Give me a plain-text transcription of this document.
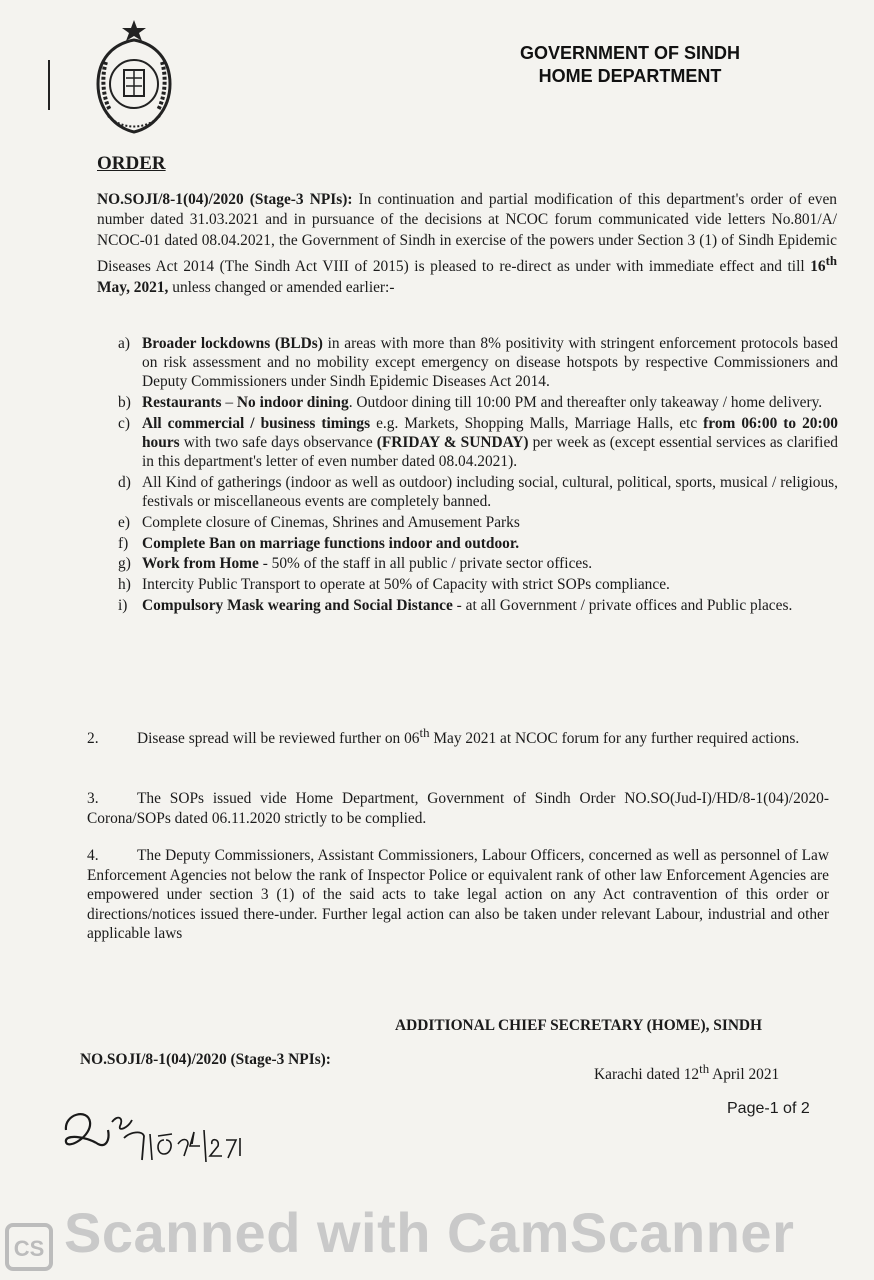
GOVERNMENT OF SINDH
HOME DEPARTMENT
ORDER
NO.SOJI/8-1(04)/2020 (Stage-3 NPIs): In continuation and partial modification of this department's order of even number dated 31.03.2021 and in pursuance of the decisions at NCOC forum communicated vide letters No.801/A/ NCOC-01 dated 08.04.2021, the Government of Sindh in exercise of the powers under Section 3 (1) of Sindh Epidemic Diseases Act 2014 (The Sindh Act VIII of 2015) is pleased to re-direct as under with immediate effect and till 16th May, 2021, unless changed or amended earlier:-
a) Broader lockdowns (BLDs) in areas with more than 8% positivity with stringent enforcement protocols based on risk assessment and no mobility except emergency on disease hotspots by respective Commissioners and Deputy Commissioners under Sindh Epidemic Diseases Act 2014.
b) Restaurants – No indoor dining. Outdoor dining till 10:00 PM and thereafter only takeaway / home delivery.
c) All commercial / business timings e.g. Markets, Shopping Malls, Marriage Halls, etc from 06:00 to 20:00 hours with two safe days observance (FRIDAY & SUNDAY) per week as (except essential services as clarified in this department's letter of even number dated 08.04.2021).
d) All Kind of gatherings (indoor as well as outdoor) including social, cultural, political, sports, musical / religious, festivals or miscellaneous events are completely banned.
e) Complete closure of Cinemas, Shrines and Amusement Parks
f) Complete Ban on marriage functions indoor and outdoor.
g) Work from Home - 50% of the staff in all public / private sector offices.
h) Intercity Public Transport to operate at 50% of Capacity with strict SOPs compliance.
i) Compulsory Mask wearing and Social Distance - at all Government / private offices and Public places.
2. Disease spread will be reviewed further on 06th May 2021 at NCOC forum for any further required actions.
3. The SOPs issued vide Home Department, Government of Sindh Order NO.SO(Jud-I)/HD/8-1(04)/2020-Corona/SOPs dated 06.11.2020 strictly to be complied.
4. The Deputy Commissioners, Assistant Commissioners, Labour Officers, concerned as well as personnel of Law Enforcement Agencies not below the rank of Inspector Police or equivalent rank of other law Enforcement Agencies are empowered under section 3 (1) of the said acts to take legal action on any Act contravention of this order or directions/notices issued there-under. Further legal action can also be taken under relevant Labour, industrial and other applicable laws
ADDITIONAL CHIEF SECRETARY (HOME), SINDH
NO.SOJI/8-1(04)/2020 (Stage-3 NPIs):
Karachi dated 12th April 2021
Page-1 of 2
CS Scanned with CamScanner
